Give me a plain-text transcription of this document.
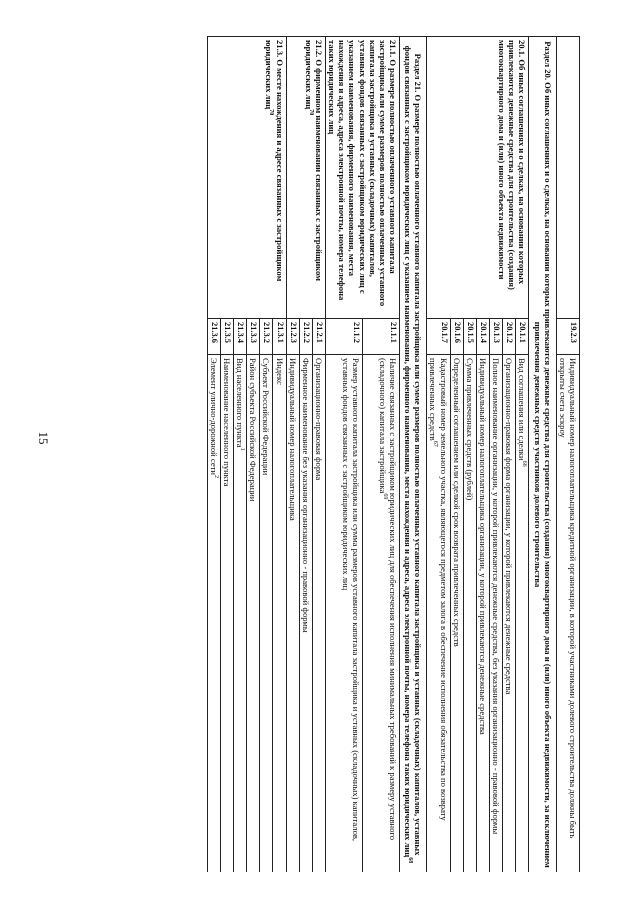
15
	19.2.3	Индивидуальный номер налогоплательщика кредитной организации, в которой участниками долевого строительства должны быть открыты счета эскроу
Раздел 20. Об иных соглашениях и о сделках, на основании которых привлекаются денежные средства для строительства (создания) многоквартирного дома и (или) иного объекта недвижимости, за исключением привлечения денежных средств участников долевого строительства		
20.1. Об иных соглашениях и о сделках, на основании которых привлекаются денежные средства для строительства (создания) многоквартирного дома и (или) иного объекта недвижимости	20.1.1	Вид соглашения или сделки$^{66}$
	20.1.2	Организационно-правовая форма организации, у которой привлекаются денежные средства
	20.1.3	Полное наименование организации, у которой привлекаются денежные средства, без указания организационно - правовой формы
	20.1.4	Индивидуальный номер налогоплательщика организации, у которой привлекаются денежные средства
	20.1.5	Сумма привлеченных средств (рублей)
	20.1.6	Определенный соглашением или сделкой срок возврата привлеченных средств
	20.1.7	Кадастровый номер земельного участка, являющегося предметом залога в обеспечение исполнения обязательства по возврату привлеченных средств$^{67}$
Раздел 21. О размере полностью оплаченного уставного капитала застройщика или сумме размеров полностью оплаченных уставного капитала застройщика и уставных (складочных) капиталов, уставных фондов связанных с застройщиком юридических лиц с указанием наименования, фирменного наименования, места нахождения и адреса, адреса электронной почты, номера телефона таких юридических лиц$^{68}$
21.1. О размере полностью оплаченного уставного капитала застройщика или сумме размеров полностью оплаченных уставного капитала застройщика и уставных (складочных) капиталов, уставных фондов связанных с застройщиком юридических лиц с указанием наименования, фирменного наименования, места нахождения и адреса, адреса электронной почты, номера телефона таких юридических лиц	21.1.1	Наличие связанных с застройщиком юридических лиц для обеспечения исполнения минимальных требований к размеру уставного (складочного) капитала застройщика$^{69}$
	21.1.2	Размер уставного капитала застройщика или сумма размеров уставного капитала застройщика и уставных (складочных) капиталов, уставных фондов связанных с застройщиком юридических лиц
21.2. О фирменном наименовании связанных с застройщиком юридических лиц$^{70}$	21.2.1	Организационно-правовая форма
	21.2.2	Фирменное наименование без указания организационно - правовой формы
	21.2.3	Индивидуальный номер налогоплательщика
21.3. О месте нахождения и адресе связанных с застройщиком юридических лиц$^{70}$	21.3.1	Индекс
	21.3.2	Субъект Российской Федерации
	21.3.3	Район субъекта Российской Федерации
	21.3.4	Вид населенного пункта$^1$
	21.3.5	Наименование населенного пункта
	21.3.6	Элемент улично-дорожной сети$^2$
